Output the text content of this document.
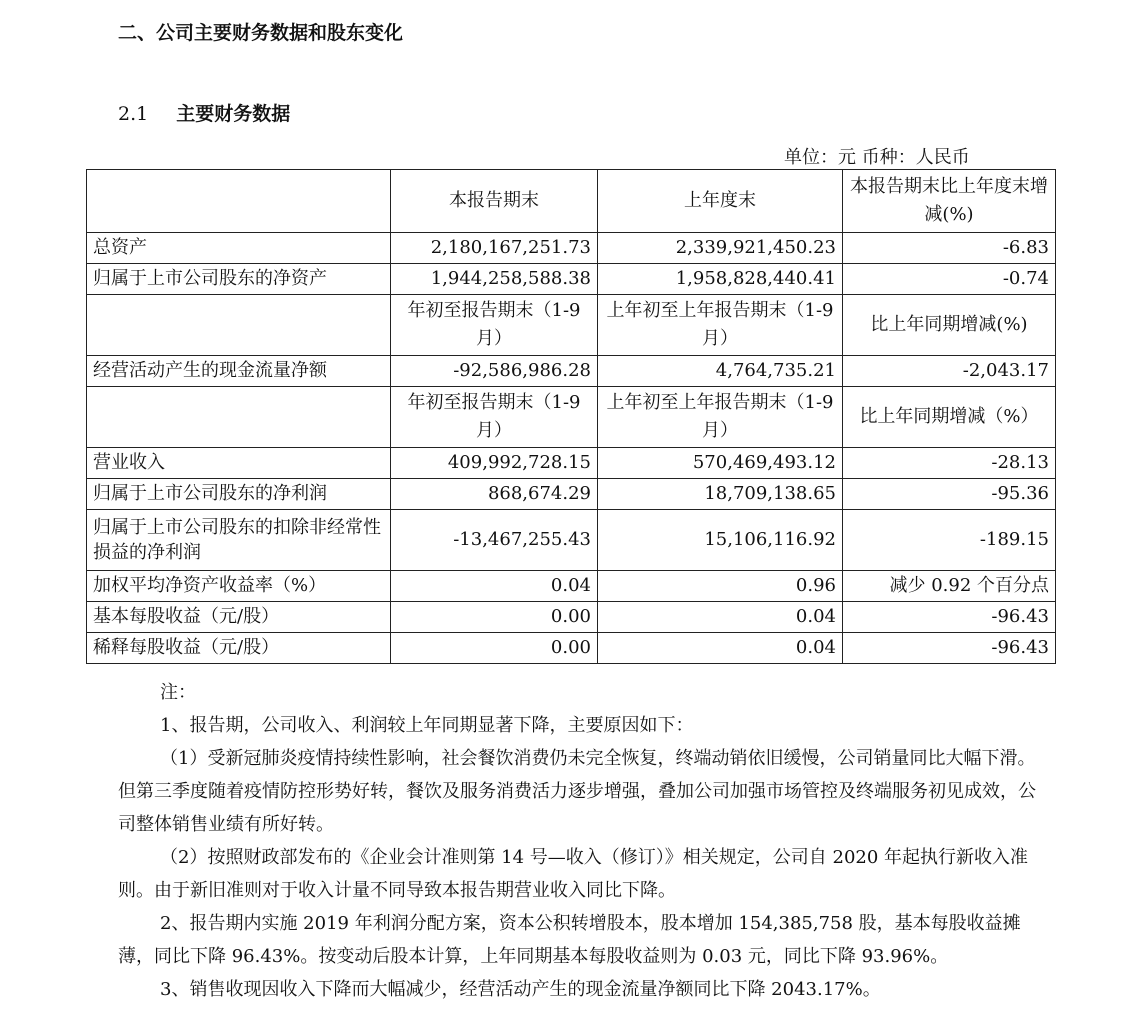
二、公司主要财务数据和股东变化
2.1 主要财务数据
单位：元 币种：人民币
	本报告期末	上年度末	本报告期末比上年度末增减(%)
总资产	2,180,167,251.73	2,339,921,450.23	-6.83
归属于上市公司股东的净资产	1,944,258,588.38	1,958,828,440.41	-0.74
	年初至报告期末（1-9 月）	上年初至上年报告期末（1-9 月）	比上年同期增减(%)
经营活动产生的现金流量净额	-92,586,986.28	4,764,735.21	-2,043.17
	年初至报告期末（1-9 月）	上年初至上年报告期末（1-9 月）	比上年同期增减（%）
营业收入	409,992,728.15	570,469,493.12	-28.13
归属于上市公司股东的净利润	868,674.29	18,709,138.65	-95.36
归属于上市公司股东的扣除非经常性损益的净利润	-13,467,255.43	15,106,116.92	-189.15
加权平均净资产收益率（%）	0.04	0.96	减少 0.92 个百分点
基本每股收益（元/股）	0.00	0.04	-96.43
稀释每股收益（元/股）	0.00	0.04	-96.43

注：

1、报告期，公司收入、利润较上年同期显著下降，主要原因如下：

（1）受新冠肺炎疫情持续性影响，社会餐饮消费仍未完全恢复，终端动销依旧缓慢，公司销量同比大幅下滑。但第三季度随着疫情防控形势好转，餐饮及服务消费活力逐步增强，叠加公司加强市场管控及终端服务初见成效，公司整体销售业绩有所好转。

（2）按照财政部发布的《企业会计准则第 14 号—收入（修订）》相关规定，公司自 2020 年起执行新收入准则。由于新旧准则对于收入计量不同导致本报告期营业收入同比下降。

2、报告期内实施 2019 年利润分配方案，资本公积转增股本，股本增加 154,385,758 股，基本每股收益摊薄，同比下降 96.43%。按变动后股本计算，上年同期基本每股收益则为 0.03 元，同比下降 93.96%。

3、销售收现因收入下降而大幅减少，经营活动产生的现金流量净额同比下降 2043.17%。
